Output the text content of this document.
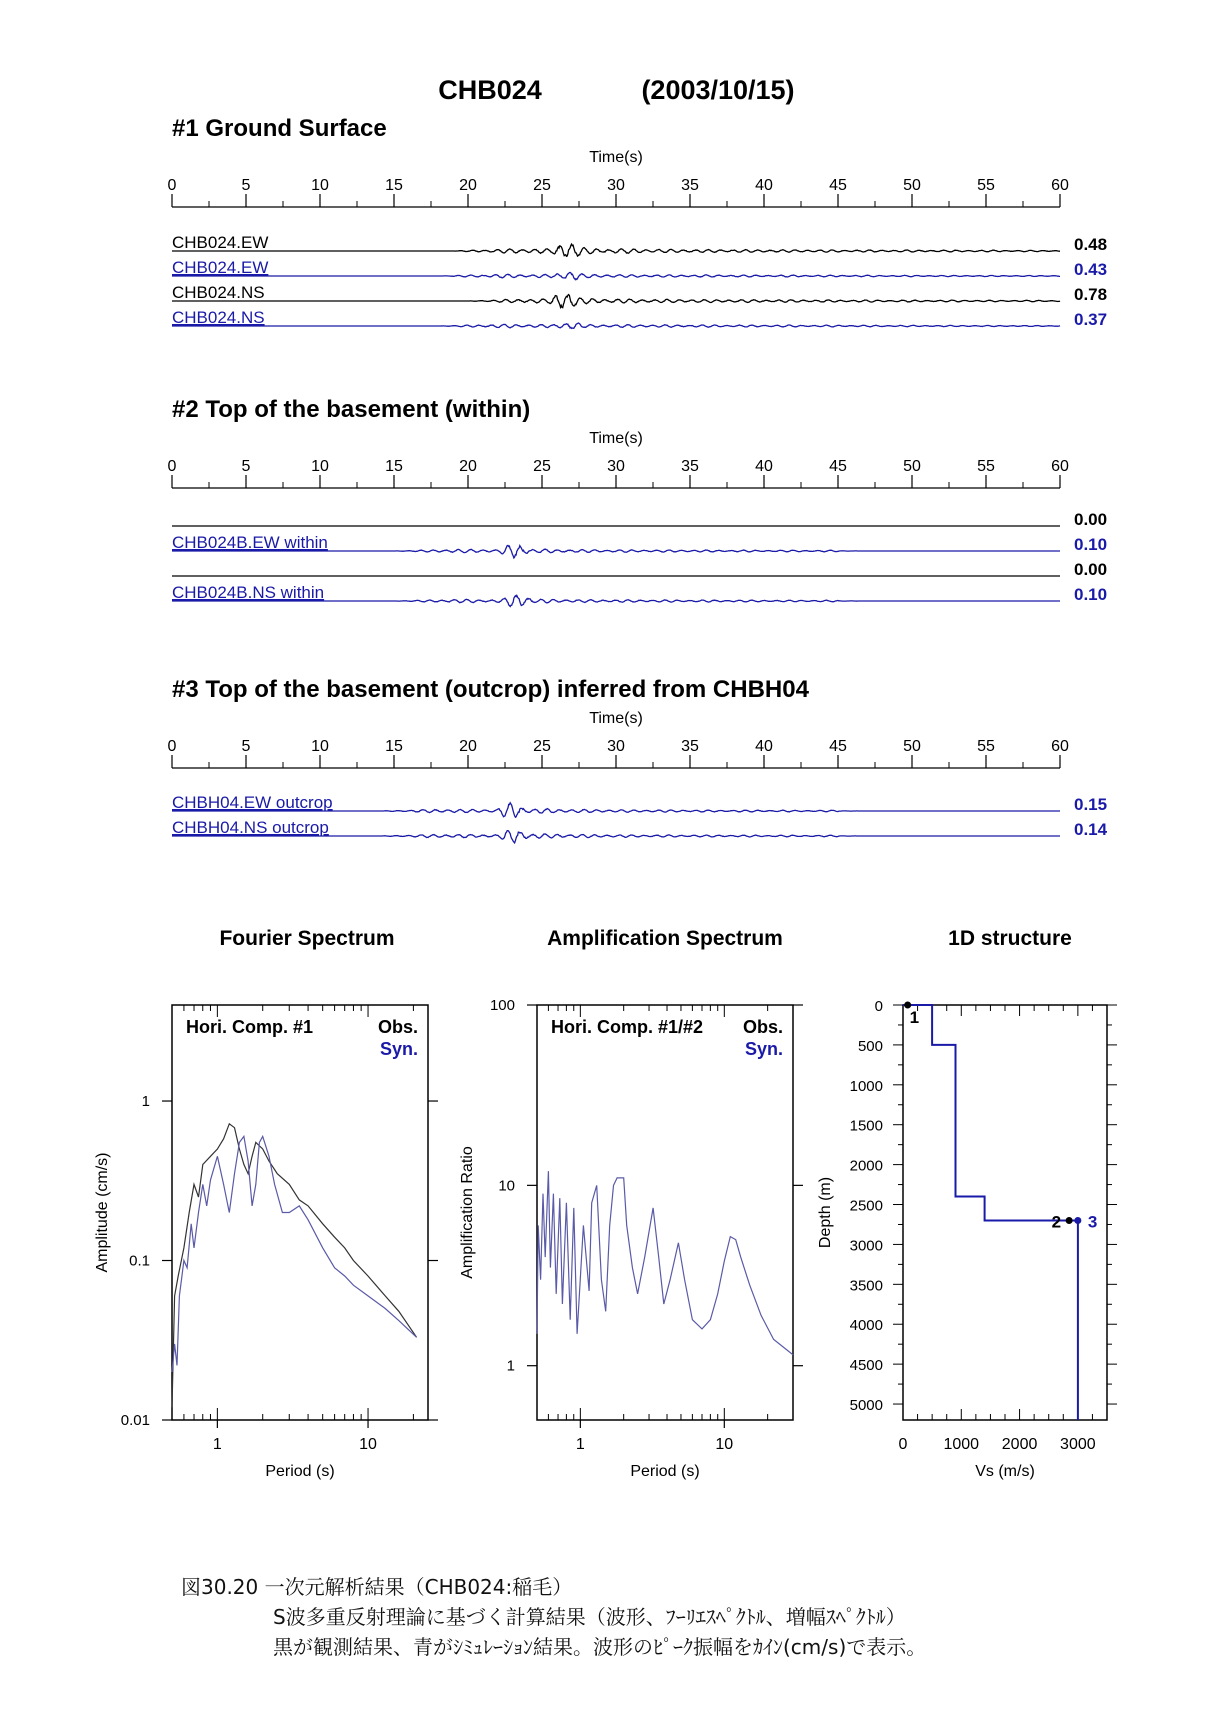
CHB024	(2003/10/15)
#1 Ground Surface
Time(s)
0	5	10	15	20	25	30	35	40	45	50	55	60
CHB024.EW	0.48
CHB024.EW	0.43
CHB024.NS	0.78
CHB024.NS	0.37
#2 Top of the basement (within)
Time(s)
0	5	10	15	20	25	30	35	40	45	50	55	60
0.00
CHB024B.EW within	0.10
0.00
CHB024B.NS within	0.10
#3 Top of the basement (outcrop) inferred from CHBH04
Time(s)
0	5	10	15	20	25	30	35	40	45	50	55	60
CHBH04.EW outcrop	0.15
CHBH04.NS outcrop	0.14
Fourier Spectrum
1	10
0.01
0.1
1
Period (s)
Amplitude (cm/s)
Hori. Comp. #1	Obs.
Syn.
Amplification Spectrum
1	10
1
10
100
Period (s)
Amplification Ratio
Hori. Comp. #1/#2 Obs.
Syn.
1D structure
0 1000 2000 3000
0
500
1000
1500
2000
2500
3000
3500
4000
4500
5000
Vs (m/s)
Depth (m)
1
2 3
図30.20 一次元解析結果（CHB024:稲毛）
S波多重反射理論に基づく計算結果（波形、ﾌｰﾘｴｽﾍﾟｸﾄﾙ、増幅ｽﾍﾟｸﾄﾙ）
黒が観測結果、青がｼﾐｭﾚｰｼｮﾝ結果。波形のﾋﾟｰｸ振幅をｶｲﾝ(cm/s)で表示。
